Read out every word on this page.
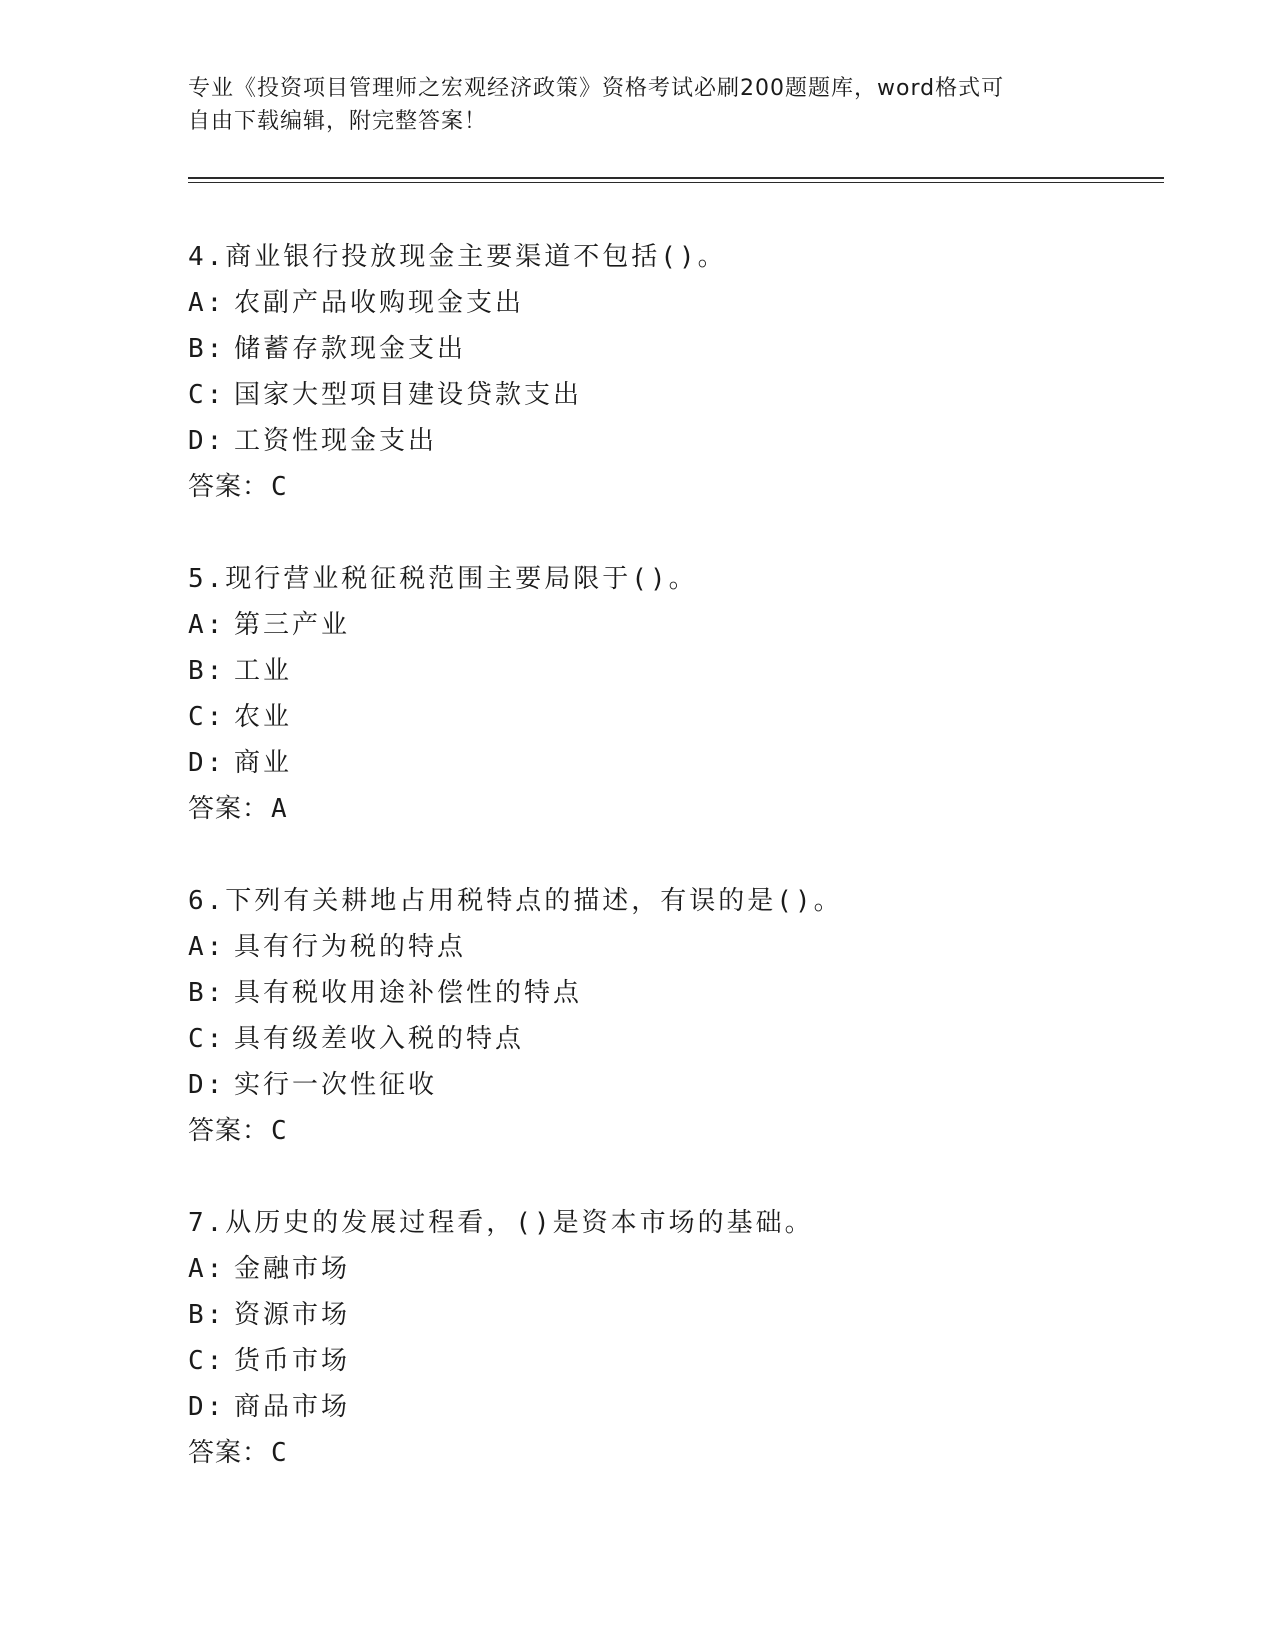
专业《投资项目管理师之宏观经济政策》资格考试必刷200题题库，word格式可
自由下载编辑，附完整答案！
4.商业银行投放现金主要渠道不包括()。
A: 农副产品收购现金支出
B: 储蓄存款现金支出
C: 国家大型项目建设贷款支出
D: 工资性现金支出
答案：C
5.现行营业税征税范围主要局限于()。
A: 第三产业
B: 工业
C: 农业
D: 商业
答案：A
6.下列有关耕地占用税特点的描述，有误的是()。
A: 具有行为税的特点
B: 具有税收用途补偿性的特点
C: 具有级差收入税的特点
D: 实行一次性征收
答案：C
7.从历史的发展过程看，()是资本市场的基础。
A: 金融市场
B: 资源市场
C: 货币市场
D: 商品市场
答案：C
